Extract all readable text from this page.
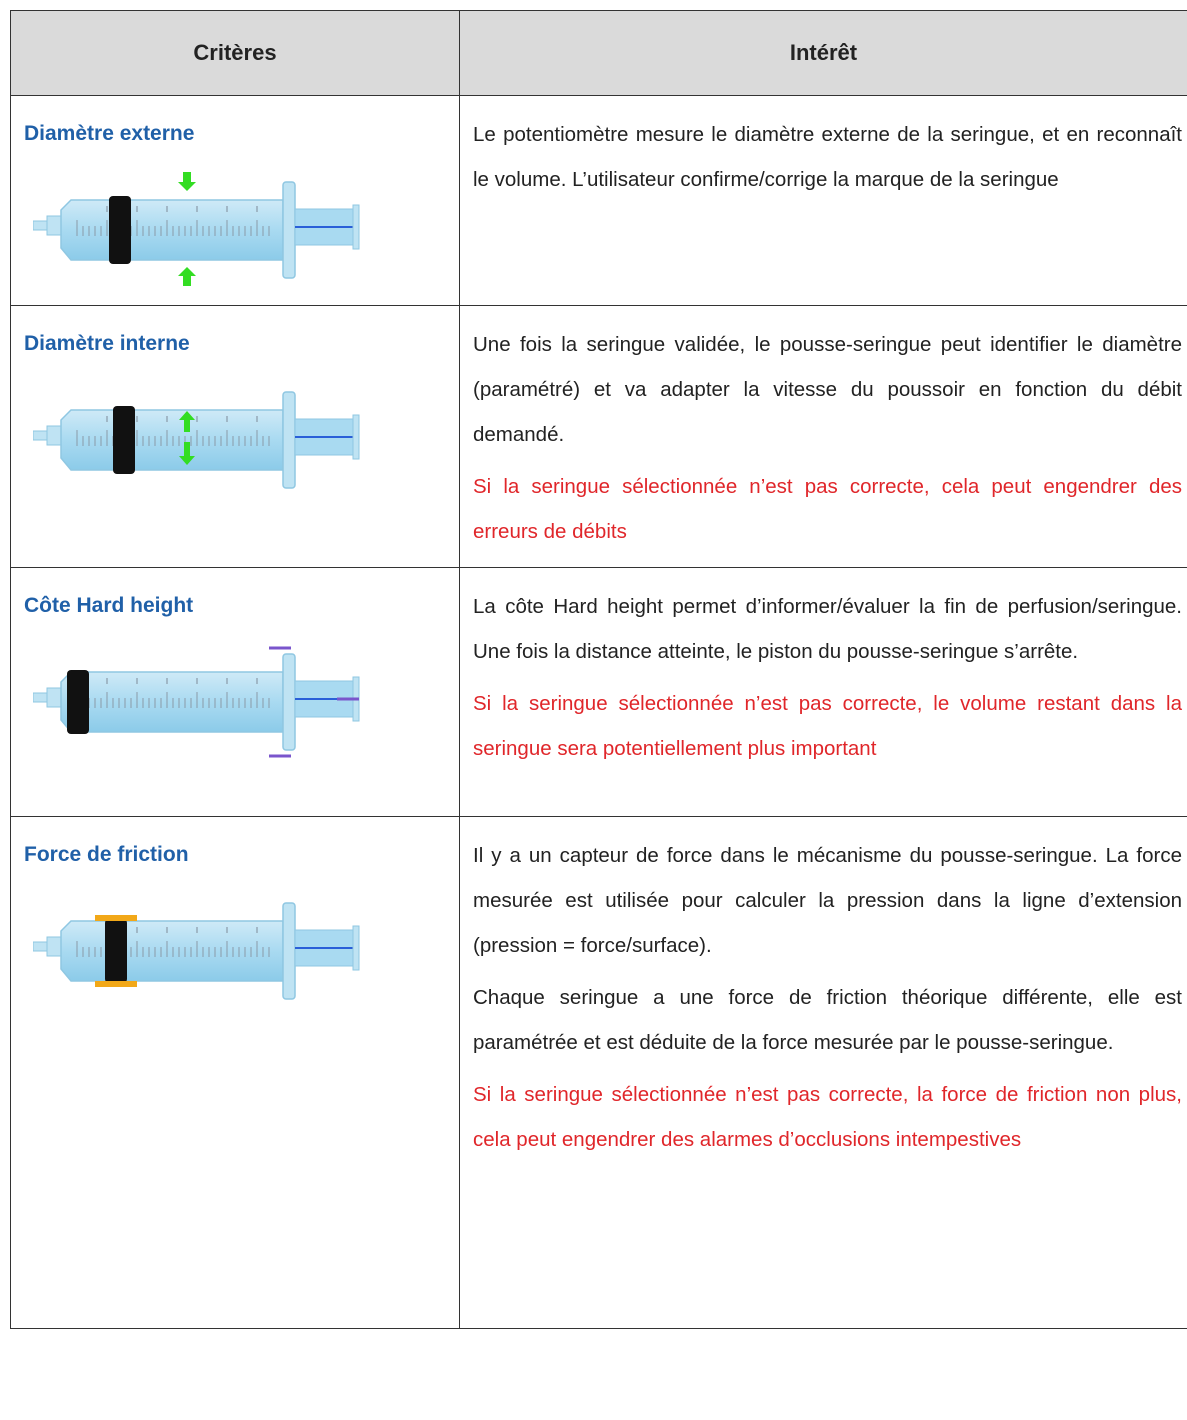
Critères	Intérêt

Diamètre externe	Le potentiomètre mesure le diamètre externe de la seringue, et en reconnaît le volume. L’utilisateur confirme/corrige la marque de la seringue

Diamètre interne	Une fois la seringue validée, le pousse-seringue peut identifier le diamètre (paramétré) et va adapter la vitesse du poussoir en fonction du débit demandé.

Si la seringue sélectionnée n’est pas correcte, cela peut engendrer des erreurs de débits

Côte Hard height	La côte Hard height permet d’informer/évaluer la fin de perfusion/seringue. Une fois la distance atteinte, le piston du pousse-seringue s’arrête.

Si la seringue sélectionnée n’est pas correcte, le volume restant dans la seringue sera potentiellement plus important

Force de friction	Il y a un capteur de force dans le mécanisme du pousse-seringue. La force mesurée est utilisée pour calculer la pression dans la ligne d’extension (pression = force/surface).

Chaque seringue a une force de friction théorique différente, elle est paramétrée et est déduite de la force mesurée par le pousse-seringue.

Si la seringue sélectionnée n’est pas correcte, la force de friction non plus, cela peut engendrer des alarmes d’occlusions intempestives
